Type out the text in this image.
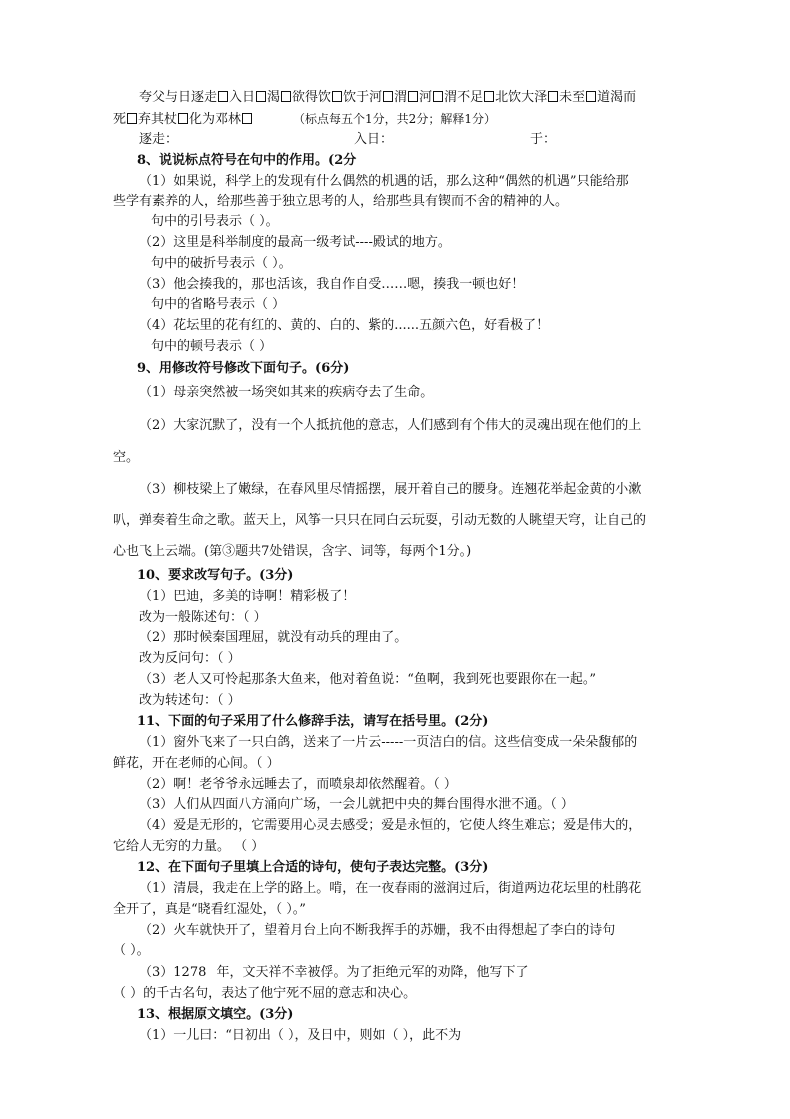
夸父与日逐走 入日 渴 欲得饮 饮于河 渭 河 渭不足 北饮大泽 未至 道渴而
死 弃其杖 化为邓林	（标点每五个1分，共2分；解释1分）
逐走：	入日：	于：
8、说说标点符号在句中的作用。(2分
（1）如果说，科学上的发现有什么偶然的机遇的话，那么这种“偶然的机遇”只能给那
些学有素养的人，给那些善于独立思考的人，给那些具有锲而不舍的精神的人。
句中的引号表示（ ）。
（2）这里是科举制度的最高一级考试----殿试的地方。
句中的破折号表示（ ）。
（3）他会揍我的，那也活该，我自作自受……嗯，揍我一顿也好！
句中的省略号表示（ ）
（4）花坛里的花有红的、黄的、白的、紫的......五颜六色，好看极了！
句中的顿号表示（ ）
9、用修改符号修改下面句子。(6分)
（1）母亲突然被一场突如其来的疾病夺去了生命。
（2）大家沉默了，没有一个人抵抗他的意志，人们感到有个伟大的灵魂出现在他们的上
空。
（3）柳枝梁上了嫩绿，在春风里尽情摇摆，展开着自己的腰身。连翘花举起金黄的小漱
叭，弹奏着生命之歌。蓝天上，风筝一只只在同白云玩耍，引动无数的人眺望天穹，让自己的
心也飞上云端。(第③题共7处错误，含字、词等，每两个1分。)
10、要求改写句子。(3分)
（1）巴迪，多美的诗啊！精彩极了！
改为一般陈述句：（ ）
（2）那时候秦国理屈，就没有动兵的理由了。
改为反问句：（ ）
（3）老人又可怜起那条大鱼来，他对着鱼说：“鱼啊，我到死也要跟你在一起。”
改为转述句：（ ）
11、下面的句子采用了什么修辞手法，请写在括号里。(2分)
（1）窗外飞来了一只白鸽，送来了一片云-----一页洁白的信。这些信变成一朵朵馥郁的
鲜花，开在老师的心间。（ ）
（2）啊！老爷爷永远睡去了，而喷泉却依然醒着。（ ）
（3）人们从四面八方涌向广场，一会儿就把中央的舞台围得水泄不通。（ ）
（4）爱是无形的，它需要用心灵去感受；爱是永恒的，它使人终生难忘；爱是伟大的，
它给人无穷的力量。 （ ）
12、在下面句子里填上合适的诗句，使句子表达完整。(3分)
（1）清晨，我走在上学的路上。啃，在一夜春雨的滋润过后，街道两边花坛里的杜鹃花
全开了，真是“晓看红湿处，（ ）。”
（2）火车就快开了，望着月台上向不断我挥手的苏姗，我不由得想起了李白的诗句
（ ）。
（3）1278 年，文天祥不幸被俘。为了拒绝元军的劝降，他写下了
（ ）的千古名句，表达了他宁死不屈的意志和决心。
13、根据原文填空。(3分)
（1）一儿曰：“日初出（ ），及日中，则如（ ），此不为
